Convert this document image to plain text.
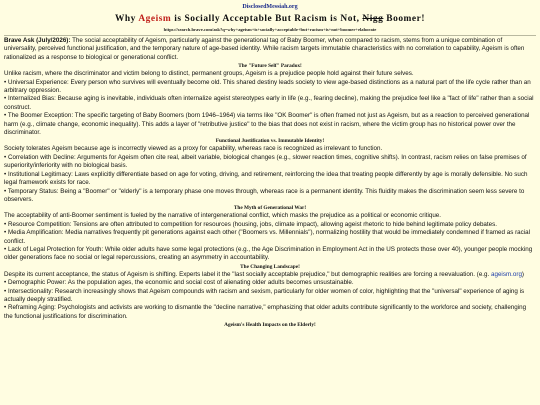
DisclosedMessiah.org
Why Ageism is Socially Acceptable But Racism is Not, Nigg Boomer!
https://search.brave.com/ask?q=why+ageism+is+socially+acceptable+but+racism+is+not+boomer+elaborate

Brave Ask (July/2026): The social acceptability of Ageism, particularly against the generational tag of Baby Boomer, when compared to racism, stems from a unique combination of universality, perceived functional justification, and the temporary nature of age-based identity. While racism targets immutable characteristics with no correlation to capability, Ageism is often rationalized as a response to biological or generational conflict.

The "Future Self" Paradox!

Unlike racism, where the discriminator and victim belong to distinct, permanent groups, Ageism is a prejudice people hold against their future selves.

• Universal Experience: Every person who survives will eventually become old. This shared destiny leads society to view age-based distinctions as a natural part of the life cycle rather than an arbitrary oppression.

• Internalized Bias: Because aging is inevitable, individuals often internalize ageist stereotypes early in life (e.g., fearing decline), making the prejudice feel like a "fact of life" rather than a social construct.

• The Boomer Exception: The specific targeting of Baby Boomers (born 1946–1964) via terms like "OK Boomer" is often framed not just as Ageism, but as a reaction to perceived generational harm (e.g., climate change, economic inequality). This adds a layer of "retributive justice" to the bias that does not exist in racism, where the victim group has no historical power over the discriminator.

Functional Justification vs. Immutable Identity!

Society tolerates Ageism because age is incorrectly viewed as a proxy for capability, whereas race is recognized as irrelevant to function.

• Correlation with Decline: Arguments for Ageism often cite real, albeit variable, biological changes (e.g., slower reaction times, cognitive shifts). In contrast, racism relies on false premises of superiority/inferiority with no biological basis.

• Institutional Legitimacy: Laws explicitly differentiate based on age for voting, driving, and retirement, reinforcing the idea that treating people differently by age is morally defensible. No such legal framework exists for race.

• Temporary Status: Being a "Boomer" or "elderly" is a temporary phase one moves through, whereas race is a permanent identity. This fluidity makes the discrimination seem less severe to observers.

The Myth of Generational War!

The acceptability of anti-Boomer sentiment is fueled by the narrative of intergenerational conflict, which masks the prejudice as a political or economic critique.

• Resource Competition: Tensions are often attributed to competition for resources (housing, jobs, climate impact), allowing ageist rhetoric to hide behind legitimate policy debates.

• Media Amplification: Media narratives frequently pit generations against each other ("Boomers vs. Millennials"), normalizing hostility that would be immediately condemned if framed as racial conflict.

• Lack of Legal Protection for Youth: While older adults have some legal protections (e.g., the Age Discrimination in Employment Act in the US protects those over 40), younger people mocking older generations face no social or legal repercussions, creating an asymmetry in accountability.

The Changing Landscape!

Despite its current acceptance, the status of Ageism is shifting. Experts label it the "last socially acceptable prejudice," but demographic realities are forcing a reevaluation. (e.g. ageism.org)

• Demographic Power: As the population ages, the economic and social cost of alienating older adults becomes unsustainable.

• Intersectionality: Research increasingly shows that Ageism compounds with racism and sexism, particularly for older women of color, highlighting that the "universal" experience of aging is actually deeply stratified.

• Reframing Aging: Psychologists and activists are working to dismantle the "decline narrative," emphasizing that older adults contribute significantly to the workforce and society, challenging the functional justifications for discrimination.

Ageism's Health Impacts on the Elderly!
